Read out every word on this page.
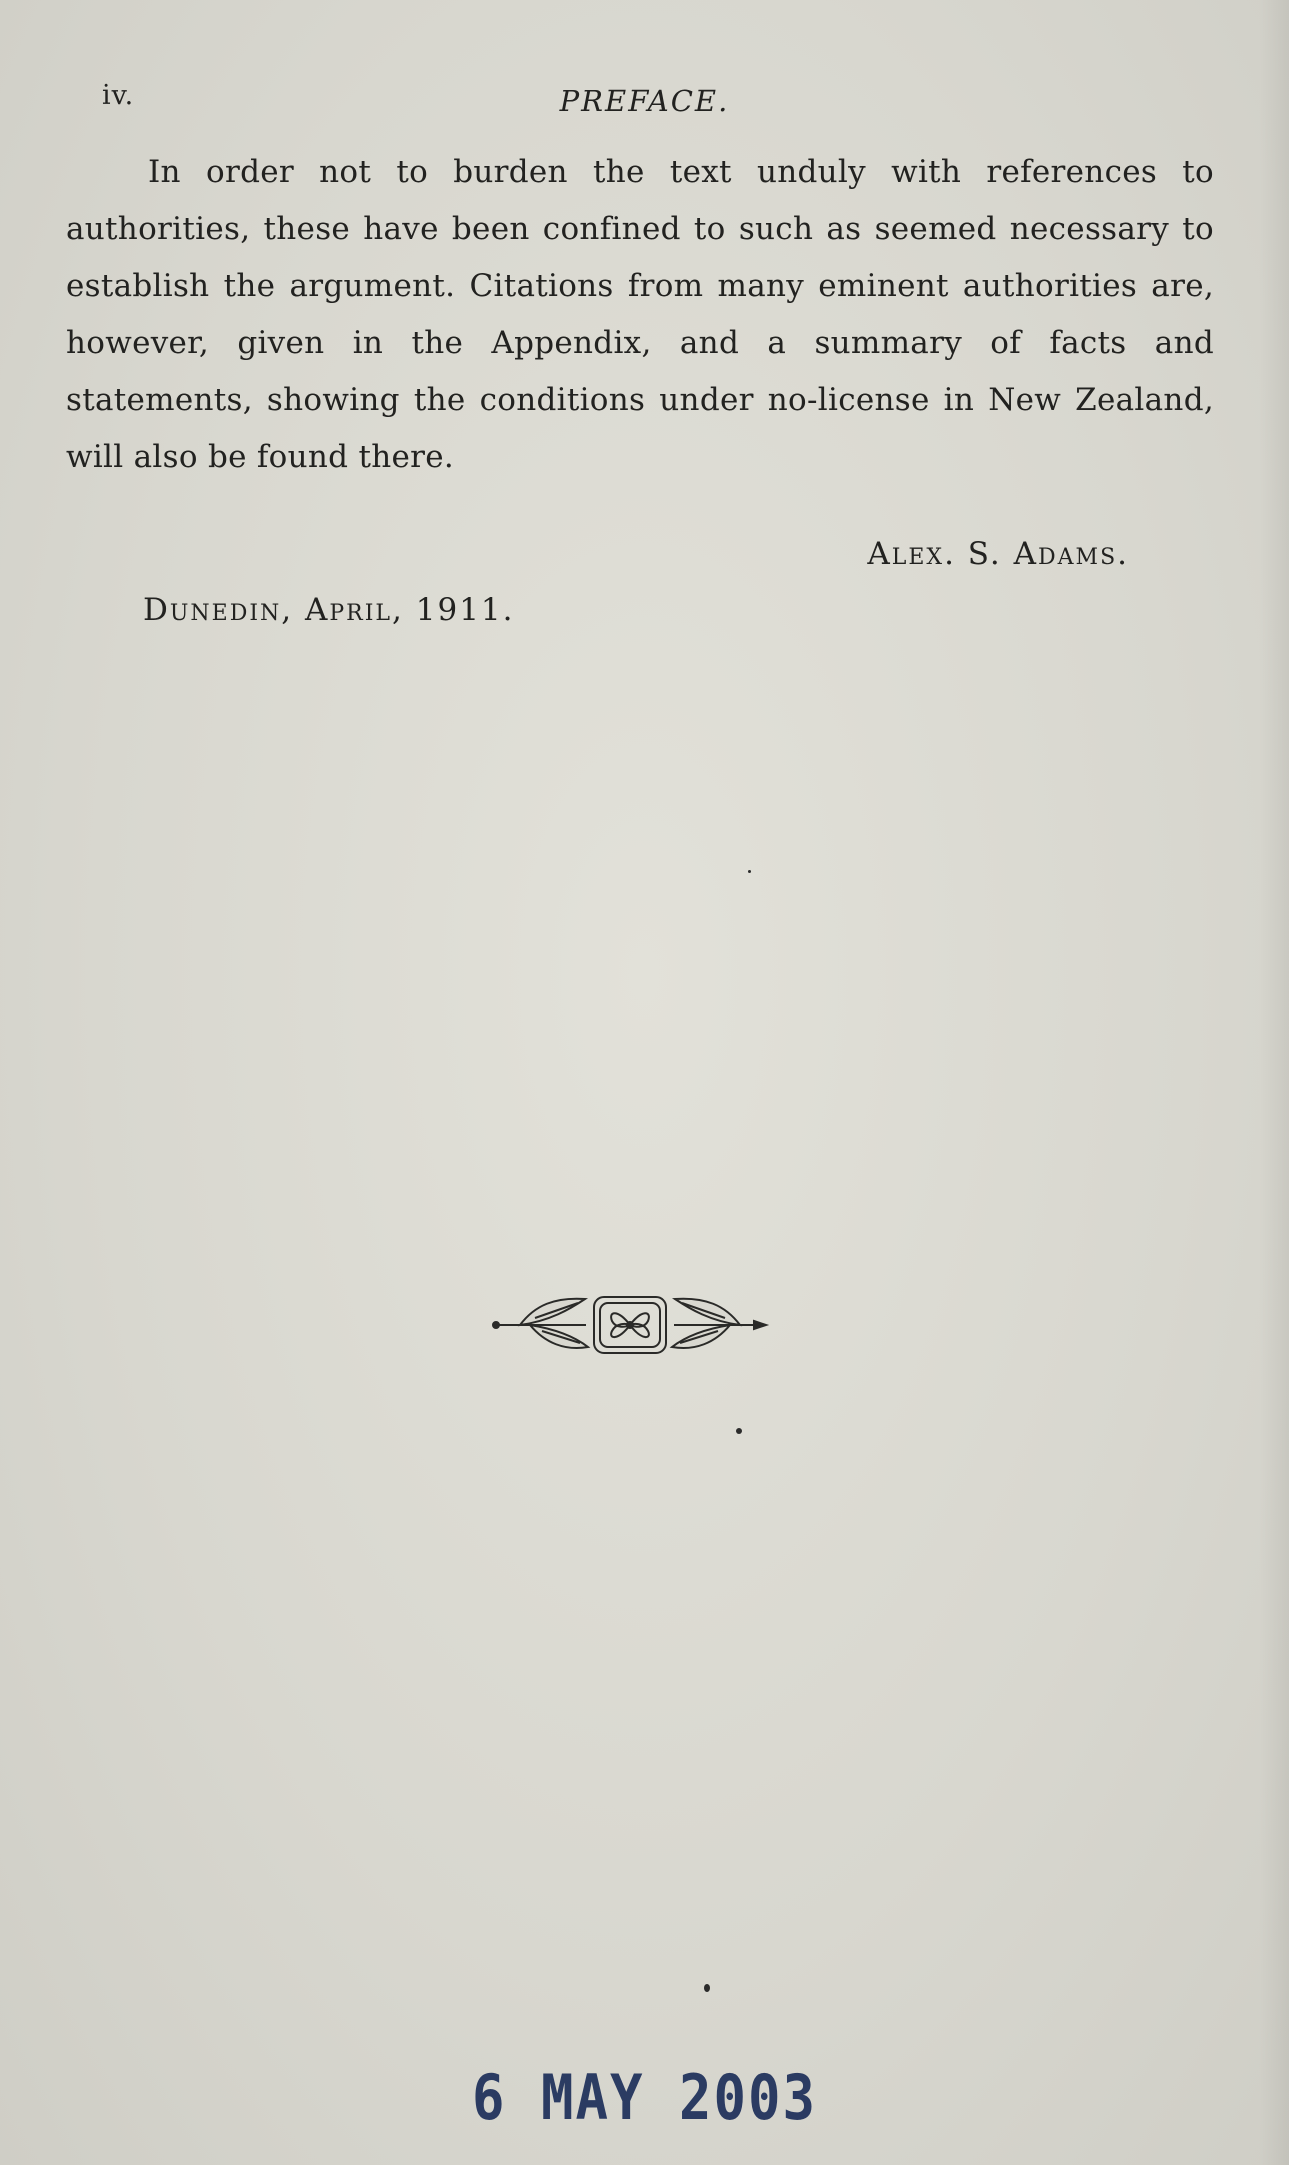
iv.	PREFACE.

In order not to burden the text unduly with references to authorities, these have been confined to such as seemed necessary to establish the argument. Citations from many eminent authorities are, however, given in the Appendix, and a summary of facts and statements, showing the conditions under no-license in New Zealand, will also be found there.

Alex. S. Adams.
Dunedin, April, 1911.
6 MAY 2003
